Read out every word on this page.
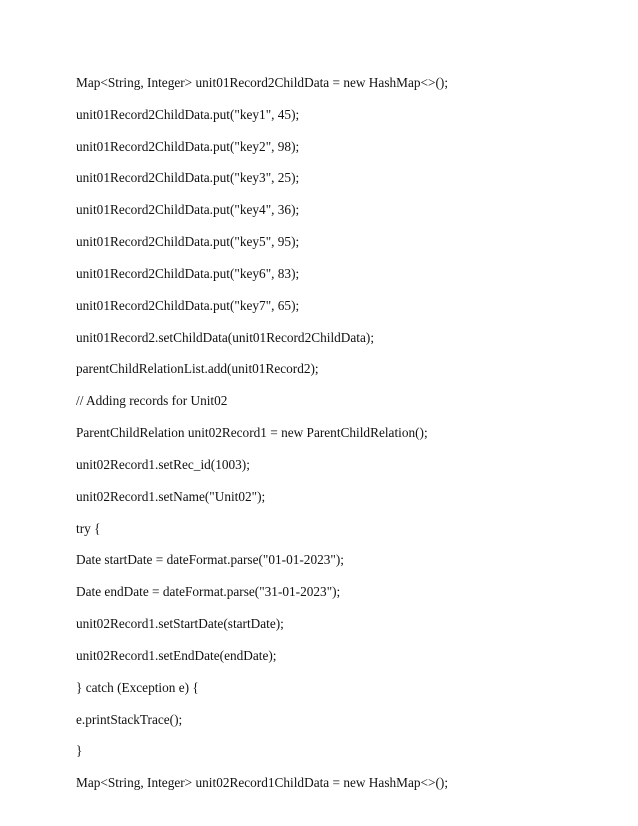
Map<String, Integer> unit01Record2ChildData = new HashMap<>();
unit01Record2ChildData.put("key1", 45);
unit01Record2ChildData.put("key2", 98);
unit01Record2ChildData.put("key3", 25);
unit01Record2ChildData.put("key4", 36);
unit01Record2ChildData.put("key5", 95);
unit01Record2ChildData.put("key6", 83);
unit01Record2ChildData.put("key7", 65);
unit01Record2.setChildData(unit01Record2ChildData);
parentChildRelationList.add(unit01Record2);
// Adding records for Unit02
ParentChildRelation unit02Record1 = new ParentChildRelation();
unit02Record1.setRec_id(1003);
unit02Record1.setName("Unit02");
try {
Date startDate = dateFormat.parse("01-01-2023");
Date endDate = dateFormat.parse("31-01-2023");
unit02Record1.setStartDate(startDate);
unit02Record1.setEndDate(endDate);
} catch (Exception e) {
e.printStackTrace();
}
Map<String, Integer> unit02Record1ChildData = new HashMap<>();
